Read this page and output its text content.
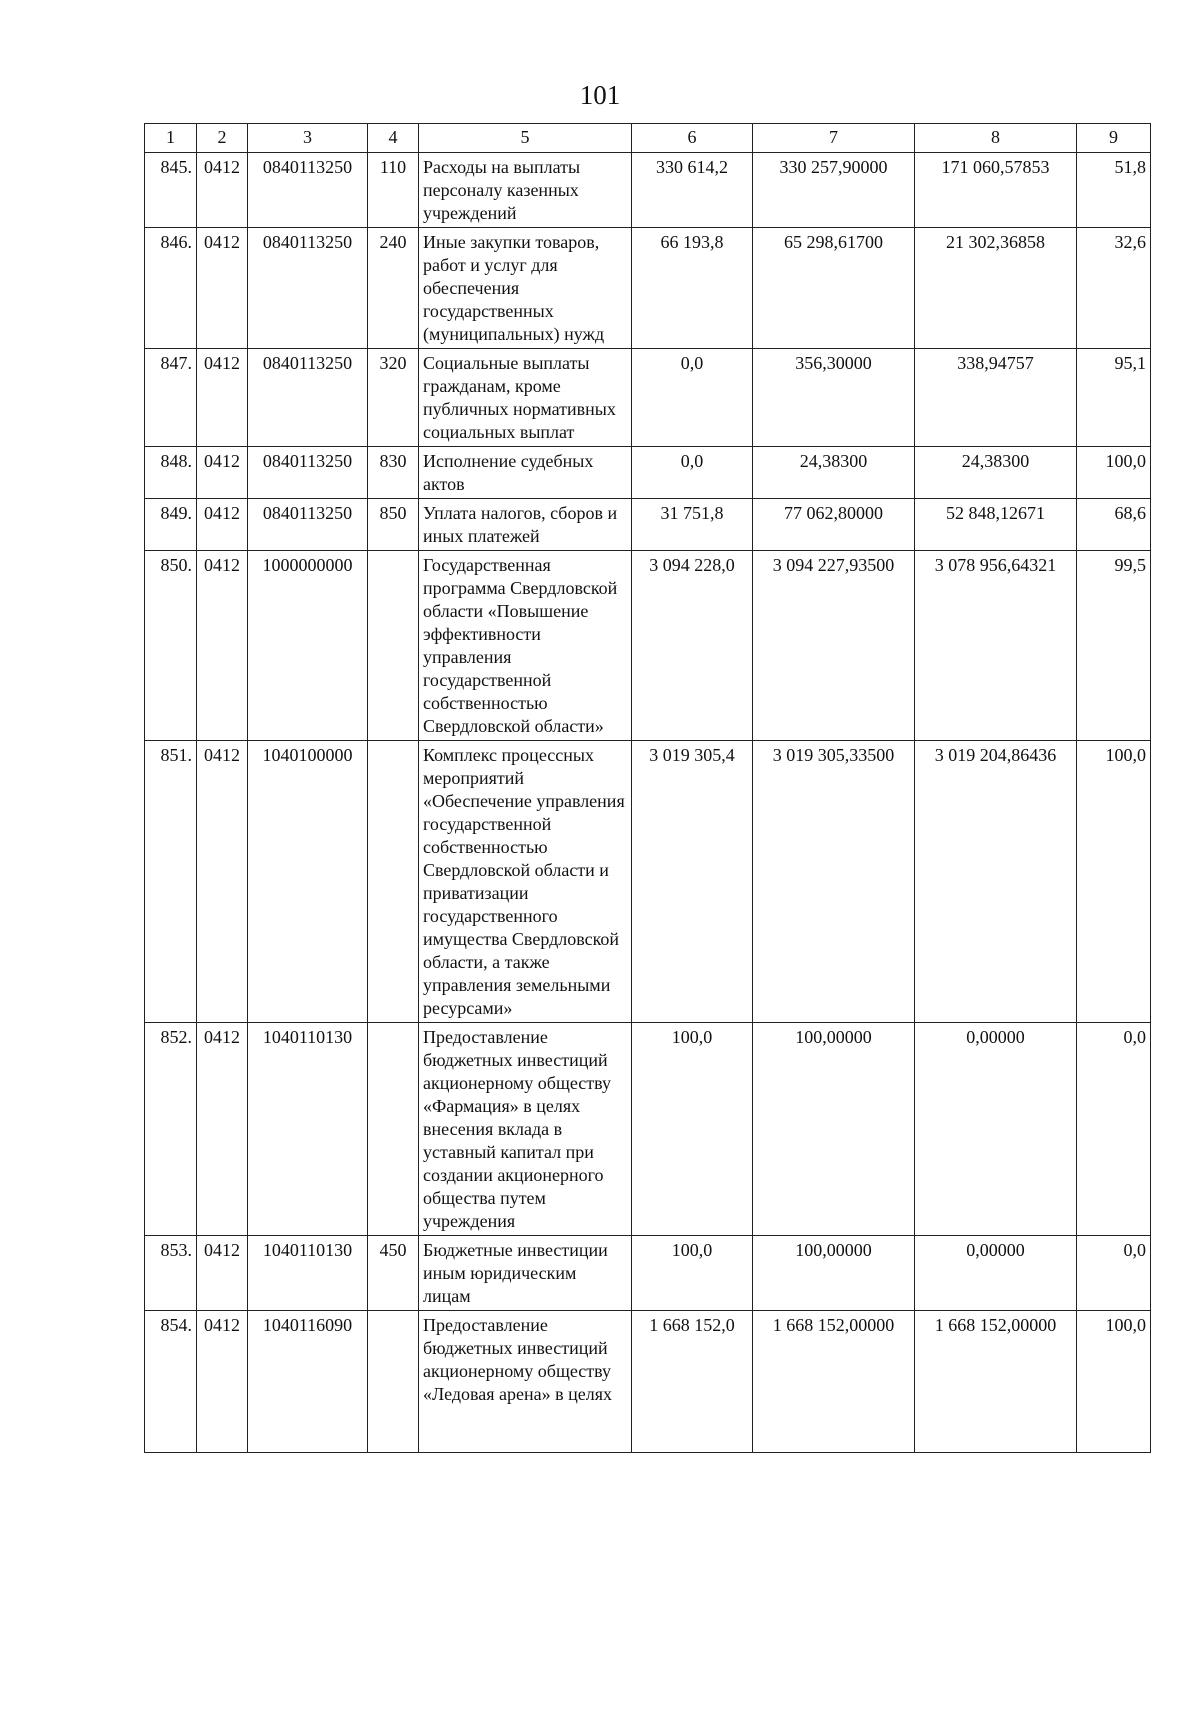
101
1	2	3	4	5	6	7	8	9
845.	0412	0840113250	110	Расходы на выплаты персоналу казенных учреждений	330 614,2	330 257,90000	171 060,57853	51,8
846.	0412	0840113250	240	Иные закупки товаров, работ и услуг для обеспечения государственных (муниципальных) нужд	66 193,8	65 298,61700	21 302,36858	32,6
847.	0412	0840113250	320	Социальные выплаты гражданам, кроме публичных нормативных социальных выплат	0,0	356,30000	338,94757	95,1
848.	0412	0840113250	830	Исполнение судебных актов	0,0	24,38300	24,38300	100,0
849.	0412	0840113250	850	Уплата налогов, сборов и иных платежей	31 751,8	77 062,80000	52 848,12671	68,6
850.	0412	1000000000		Государственная программа Свердловской области «Повышение эффективности управления государственной собственностью Свердловской области»	3 094 228,0	3 094 227,93500	3 078 956,64321	99,5
851.	0412	1040100000		Комплекс процессных мероприятий «Обеспечение управления государственной собственностью Свердловской области и приватизации государственного имущества Свердловской области, а также управления земельными ресурсами»	3 019 305,4	3 019 305,33500	3 019 204,86436	100,0
852.	0412	1040110130		Предоставление бюджетных инвестиций акционерному обществу «Фармация» в целях внесения вклада в уставный капитал при создании акционерного общества путем учреждения	100,0	100,00000	0,00000	0,0
853.	0412	1040110130	450	Бюджетные инвестиции иным юридическим лицам	100,0	100,00000	0,00000	0,0
854.	0412	1040116090		Предоставление бюджетных инвестиций акционерному обществу «Ледовая арена» в целях	1 668 152,0	1 668 152,00000	1 668 152,00000	100,0
